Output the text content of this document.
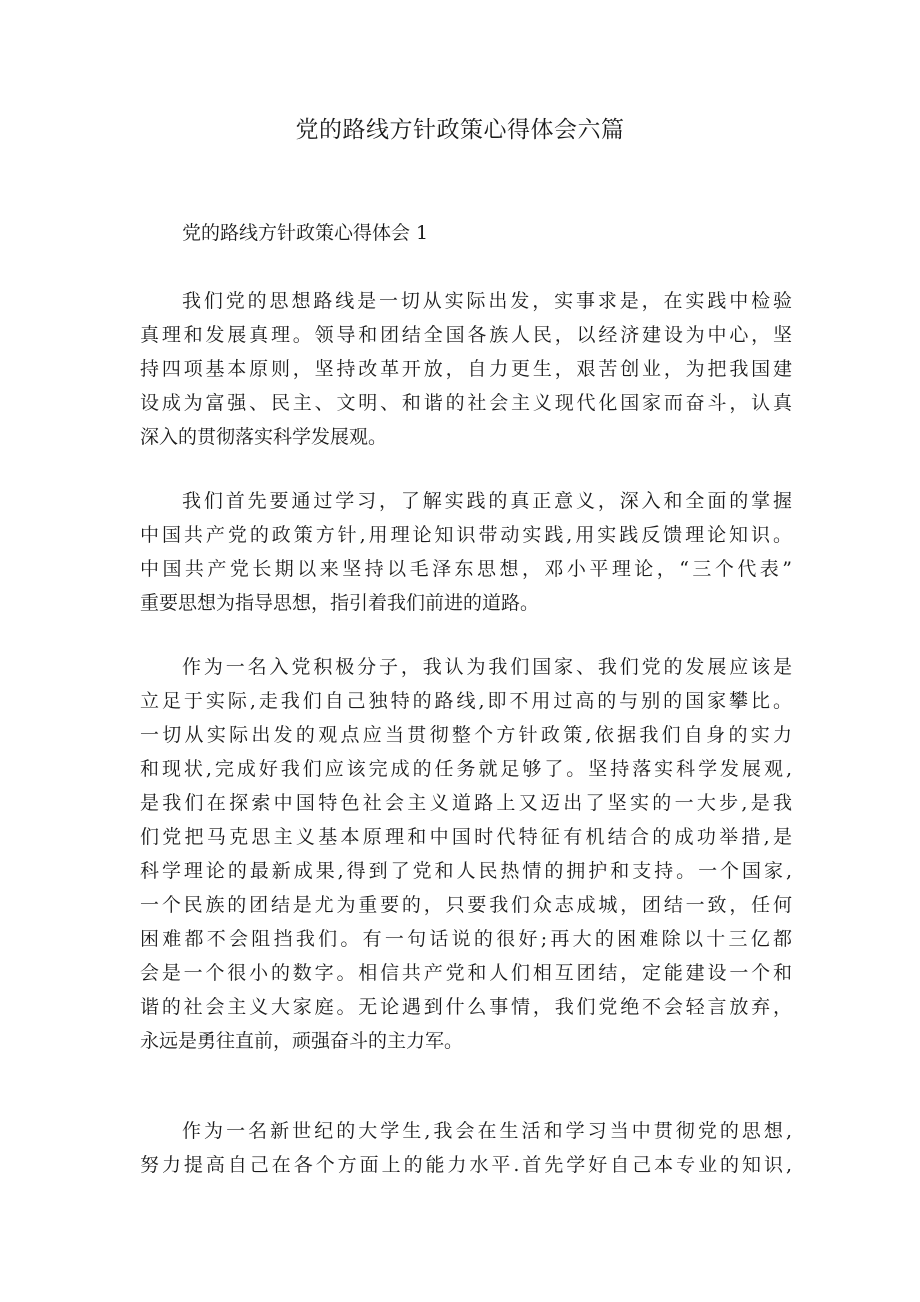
党的路线方针政策心得体会六篇
党的路线方针政策心得体会 1
我们党的思想路线是一切从实际出发，实事求是，在实践中检验
真理和发展真理。领导和团结全国各族人民，以经济建设为中心，坚
持四项基本原则，坚持改革开放，自力更生，艰苦创业，为把我国建
设成为富强、民主、文明、和谐的社会主义现代化国家而奋斗，认真
深入的贯彻落实科学发展观。
我们首先要通过学习，了解实践的真正意义，深入和全面的掌握
中国共产党的政策方针,用理论知识带动实践,用实践反馈理论知识。
中国共产党长期以来坚持以毛泽东思想，邓小平理论，“三个代表”
重要思想为指导思想，指引着我们前进的道路。
作为一名入党积极分子，我认为我们国家、我们党的发展应该是
立足于实际,走我们自己独特的路线,即不用过高的与别的国家攀比。
一切从实际出发的观点应当贯彻整个方针政策,依据我们自身的实力
和现状,完成好我们应该完成的任务就足够了。坚持落实科学发展观,
是我们在探索中国特色社会主义道路上又迈出了坚实的一大步,是我
们党把马克思主义基本原理和中国时代特征有机结合的成功举措,是
科学理论的最新成果,得到了党和人民热情的拥护和支持。一个国家,
一个民族的团结是尤为重要的，只要我们众志成城，团结一致，任何
困难都不会阻挡我们。有一句话说的很好;再大的困难除以十三亿都
会是一个很小的数字。相信共产党和人们相互团结，定能建设一个和
谐的社会主义大家庭。无论遇到什么事情，我们党绝不会轻言放弃，
永远是勇往直前，顽强奋斗的主力军。
作为一名新世纪的大学生,我会在生活和学习当中贯彻党的思想,
努力提高自己在各个方面上的能力水平.首先学好自己本专业的知识,
